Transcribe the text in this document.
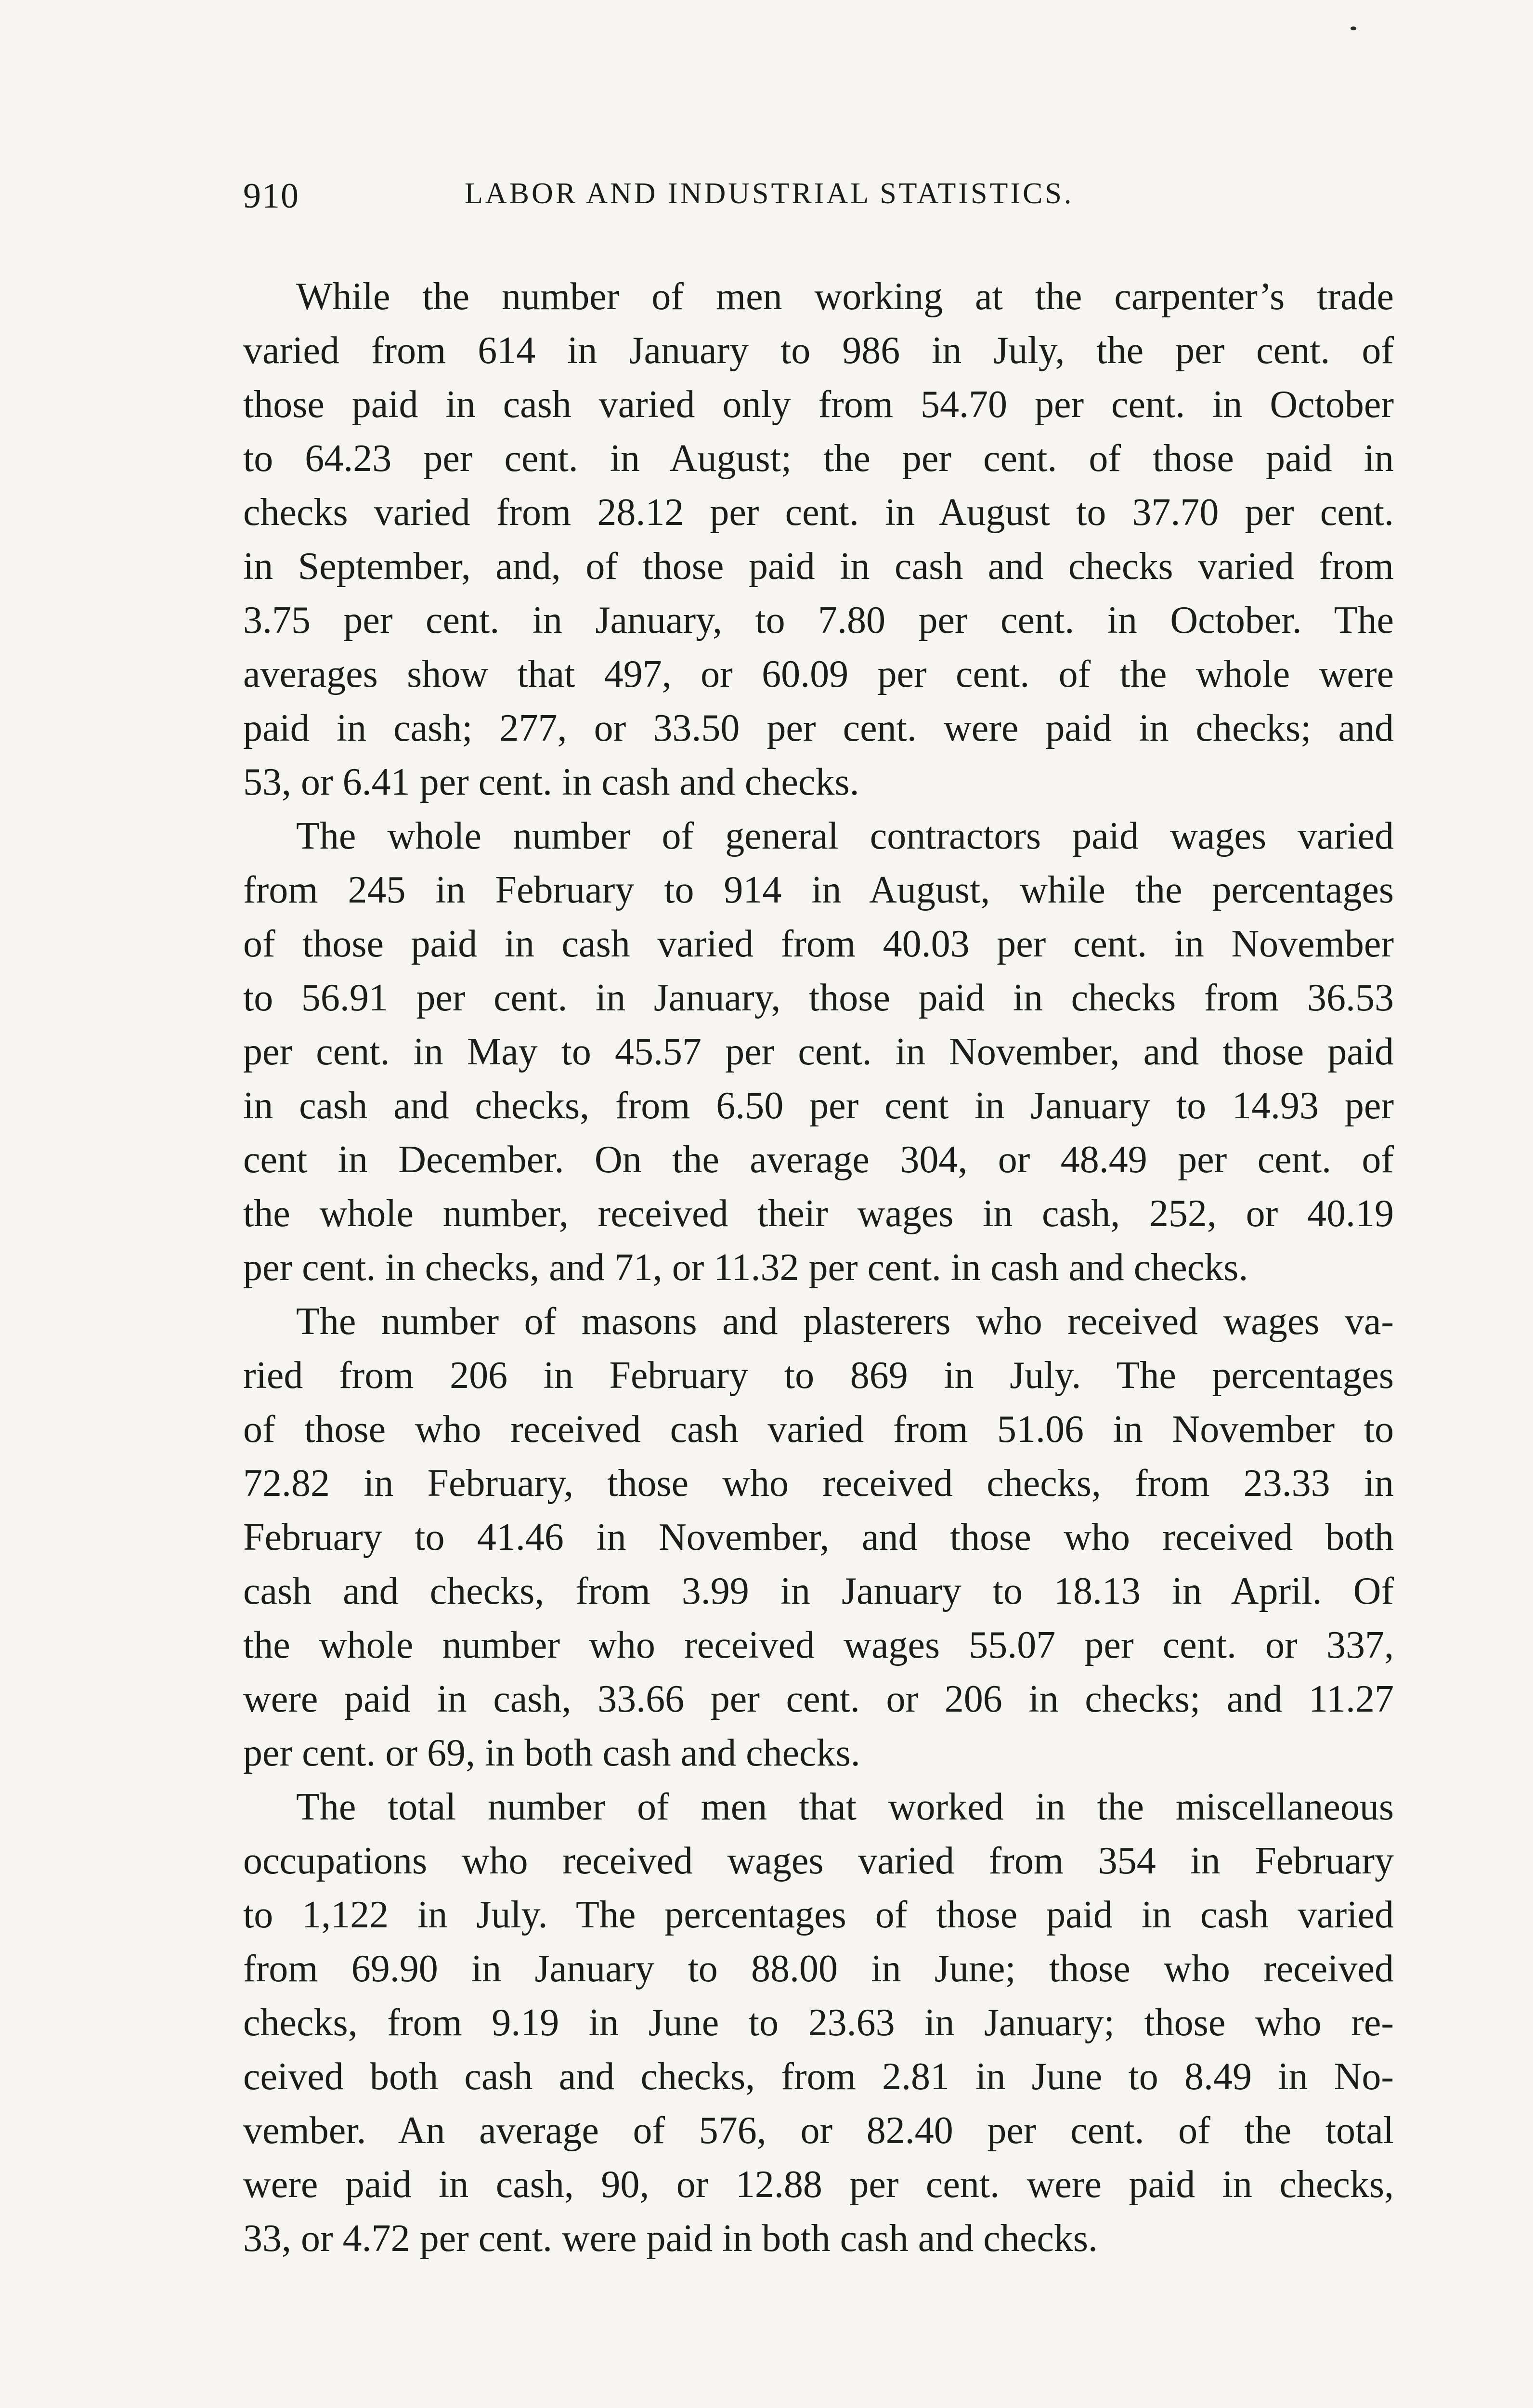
910	LABOR AND INDUSTRIAL STATISTICS.

While the number of men working at the carpenter’s trade
varied from 614 in January to 986 in July, the per cent. of
those paid in cash varied only from 54.70 per cent. in October
to 64.23 per cent. in August; the per cent. of those paid in
checks varied from 28.12 per cent. in August to 37.70 per cent.
in September, and, of those paid in cash and checks varied from
3.75 per cent. in January, to 7.80 per cent. in October. The
averages show that 497, or 60.09 per cent. of the whole were
paid in cash; 277, or 33.50 per cent. were paid in checks; and
53, or 6.41 per cent. in cash and checks.

The whole number of general contractors paid wages varied
from 245 in February to 914 in August, while the percentages
of those paid in cash varied from 40.03 per cent. in November
to 56.91 per cent. in January, those paid in checks from 36.53
per cent. in May to 45.57 per cent. in November, and those paid
in cash and checks, from 6.50 per cent in January to 14.93 per
cent in December. On the average 304, or 48.49 per cent. of
the whole number, received their wages in cash, 252, or 40.19
per cent. in checks, and 71, or 11.32 per cent. in cash and checks.

The number of masons and plasterers who received wages va-
ried from 206 in February to 869 in July. The percentages
of those who received cash varied from 51.06 in November to
72.82 in February, those who received checks, from 23.33 in
February to 41.46 in November, and those who received both
cash and checks, from 3.99 in January to 18.13 in April. Of
the whole number who received wages 55.07 per cent. or 337,
were paid in cash, 33.66 per cent. or 206 in checks; and 11.27
per cent. or 69, in both cash and checks.

The total number of men that worked in the miscellaneous
occupations who received wages varied from 354 in February
to 1,122 in July. The percentages of those paid in cash varied
from 69.90 in January to 88.00 in June; those who received
checks, from 9.19 in June to 23.63 in January; those who re-
ceived both cash and checks, from 2.81 in June to 8.49 in No-
vember. An average of 576, or 82.40 per cent. of the total
were paid in cash, 90, or 12.88 per cent. were paid in checks,
33, or 4.72 per cent. were paid in both cash and checks.
